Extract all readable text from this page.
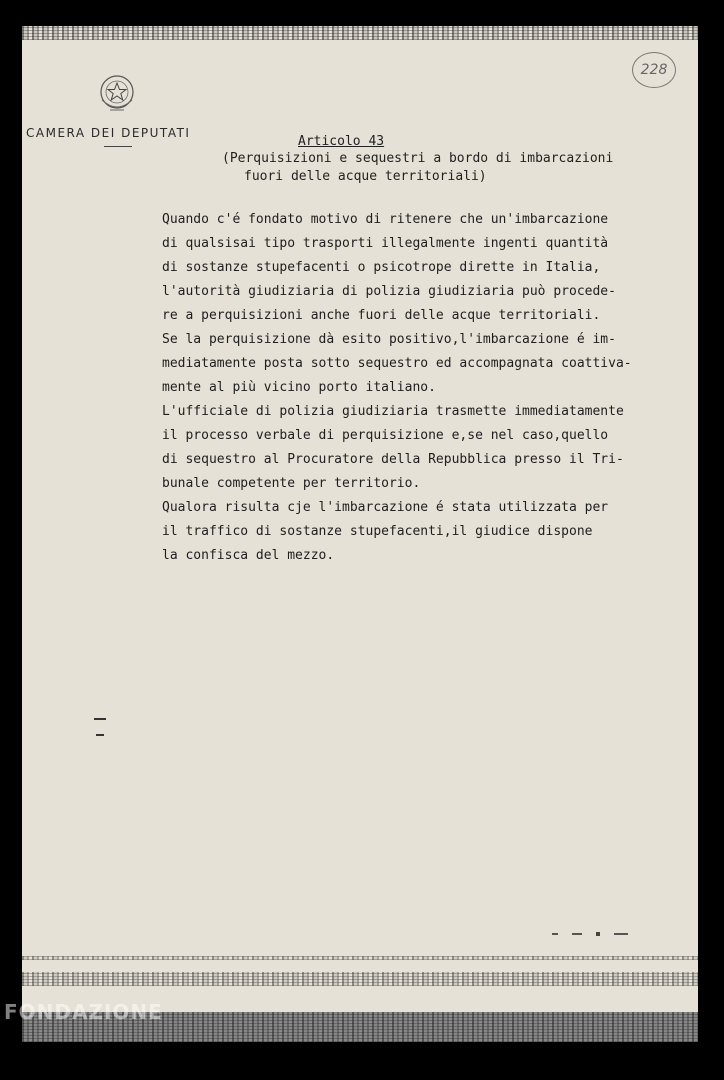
CAMERA DEI DEPUTATI
228
Articolo 43
(Perquisizioni e sequestri a bordo di imbarcazioni
fuori delle acque territoriali)
Quando c'é fondato motivo di ritenere che un'imbarcazione
di qualsisai tipo trasporti illegalmente ingenti quantità
di sostanze stupefacenti o psicotrope dirette in Italia,
l'autorità giudiziaria di polizia giudiziaria può procede-
re a perquisizioni anche fuori delle acque territoriali.
Se la perquisizione dà esito positivo,l'imbarcazione é im-
mediatamente posta sotto sequestro ed accompagnata coattiva-
mente al più vicino porto italiano.
L'ufficiale di polizia giudiziaria trasmette immediatamente
il processo verbale di perquisizione e,se nel caso,quello
di sequestro al Procuratore della Repubblica presso il Tri-
bunale competente per territorio.
Qualora risulta cje l'imbarcazione é stata utilizzata per
il traffico di sostanze stupefacenti,il giudice dispone
la confisca del mezzo.
FONDAZIONE
